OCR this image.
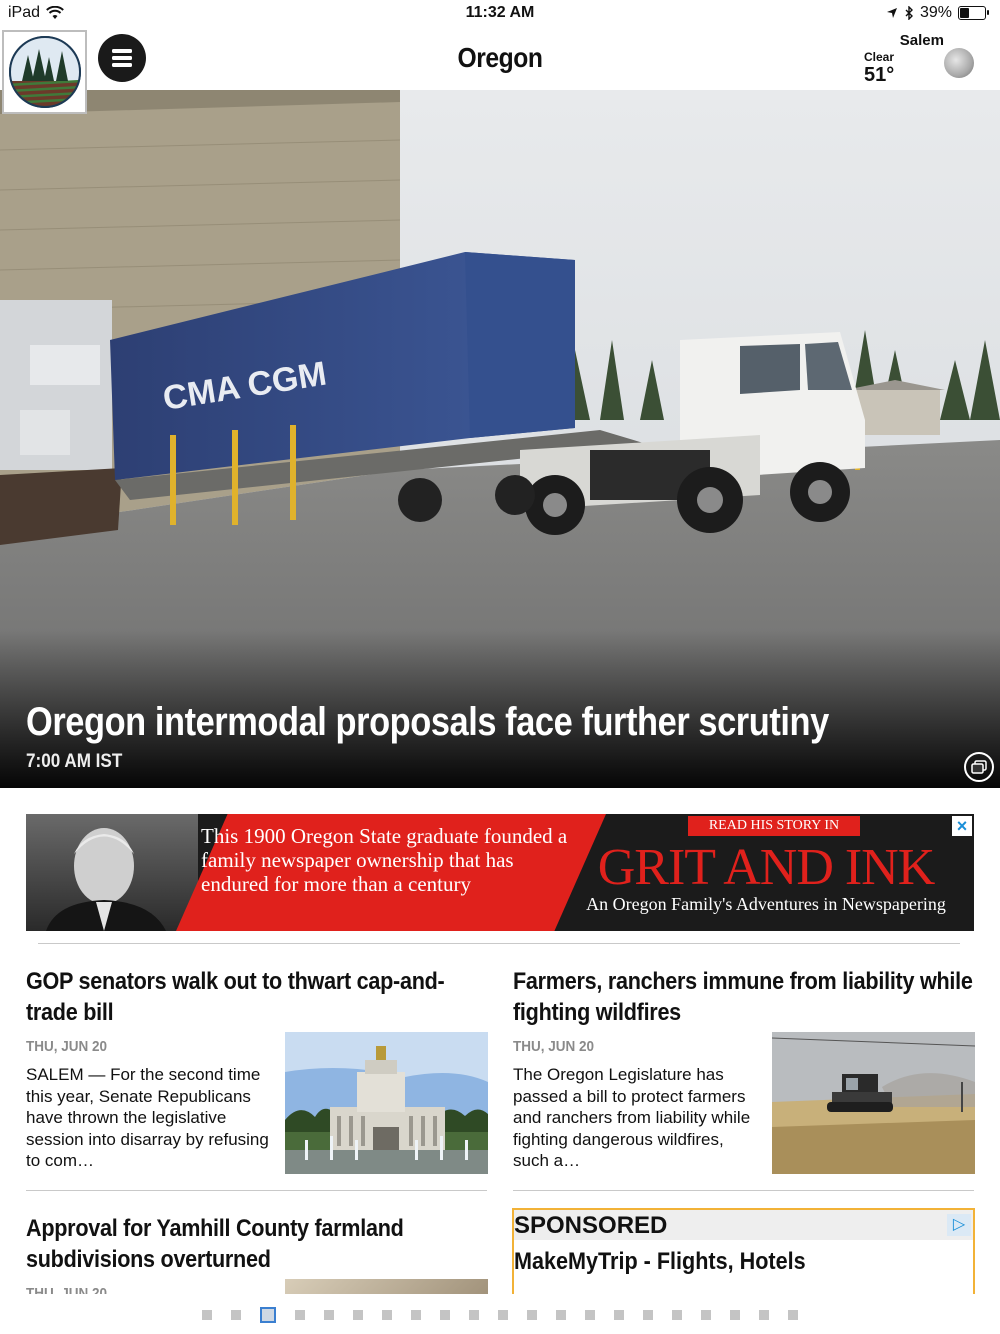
iPad	11:32 AM	39%
Oregon
Salem
Clear
51°
CMA CGM
Oregon intermodal proposals face further scrutiny
7:00 AM IST
This 1900 Oregon State graduate founded a family newspaper ownership that has endured for more than a century
READ HIS STORY IN
GRIT AND INK
An Oregon Family's Adventures in Newspapering
×
GOP senators walk out to thwart cap-and-trade bill
THU, JUN 20
SALEM — For the second time this year, Senate Republicans have thrown the legislative session into disarray by refusing to com…
Farmers, ranchers immune from liability while fighting wildfires
THU, JUN 20
The Oregon Legislature has passed a bill to protect farmers and ranchers from liability while fighting dangerous wildfires, such a…
Approval for Yamhill County farmland subdivisions overturned
SPONSORED	▷
MakeMyTrip - Flights, Hotels
